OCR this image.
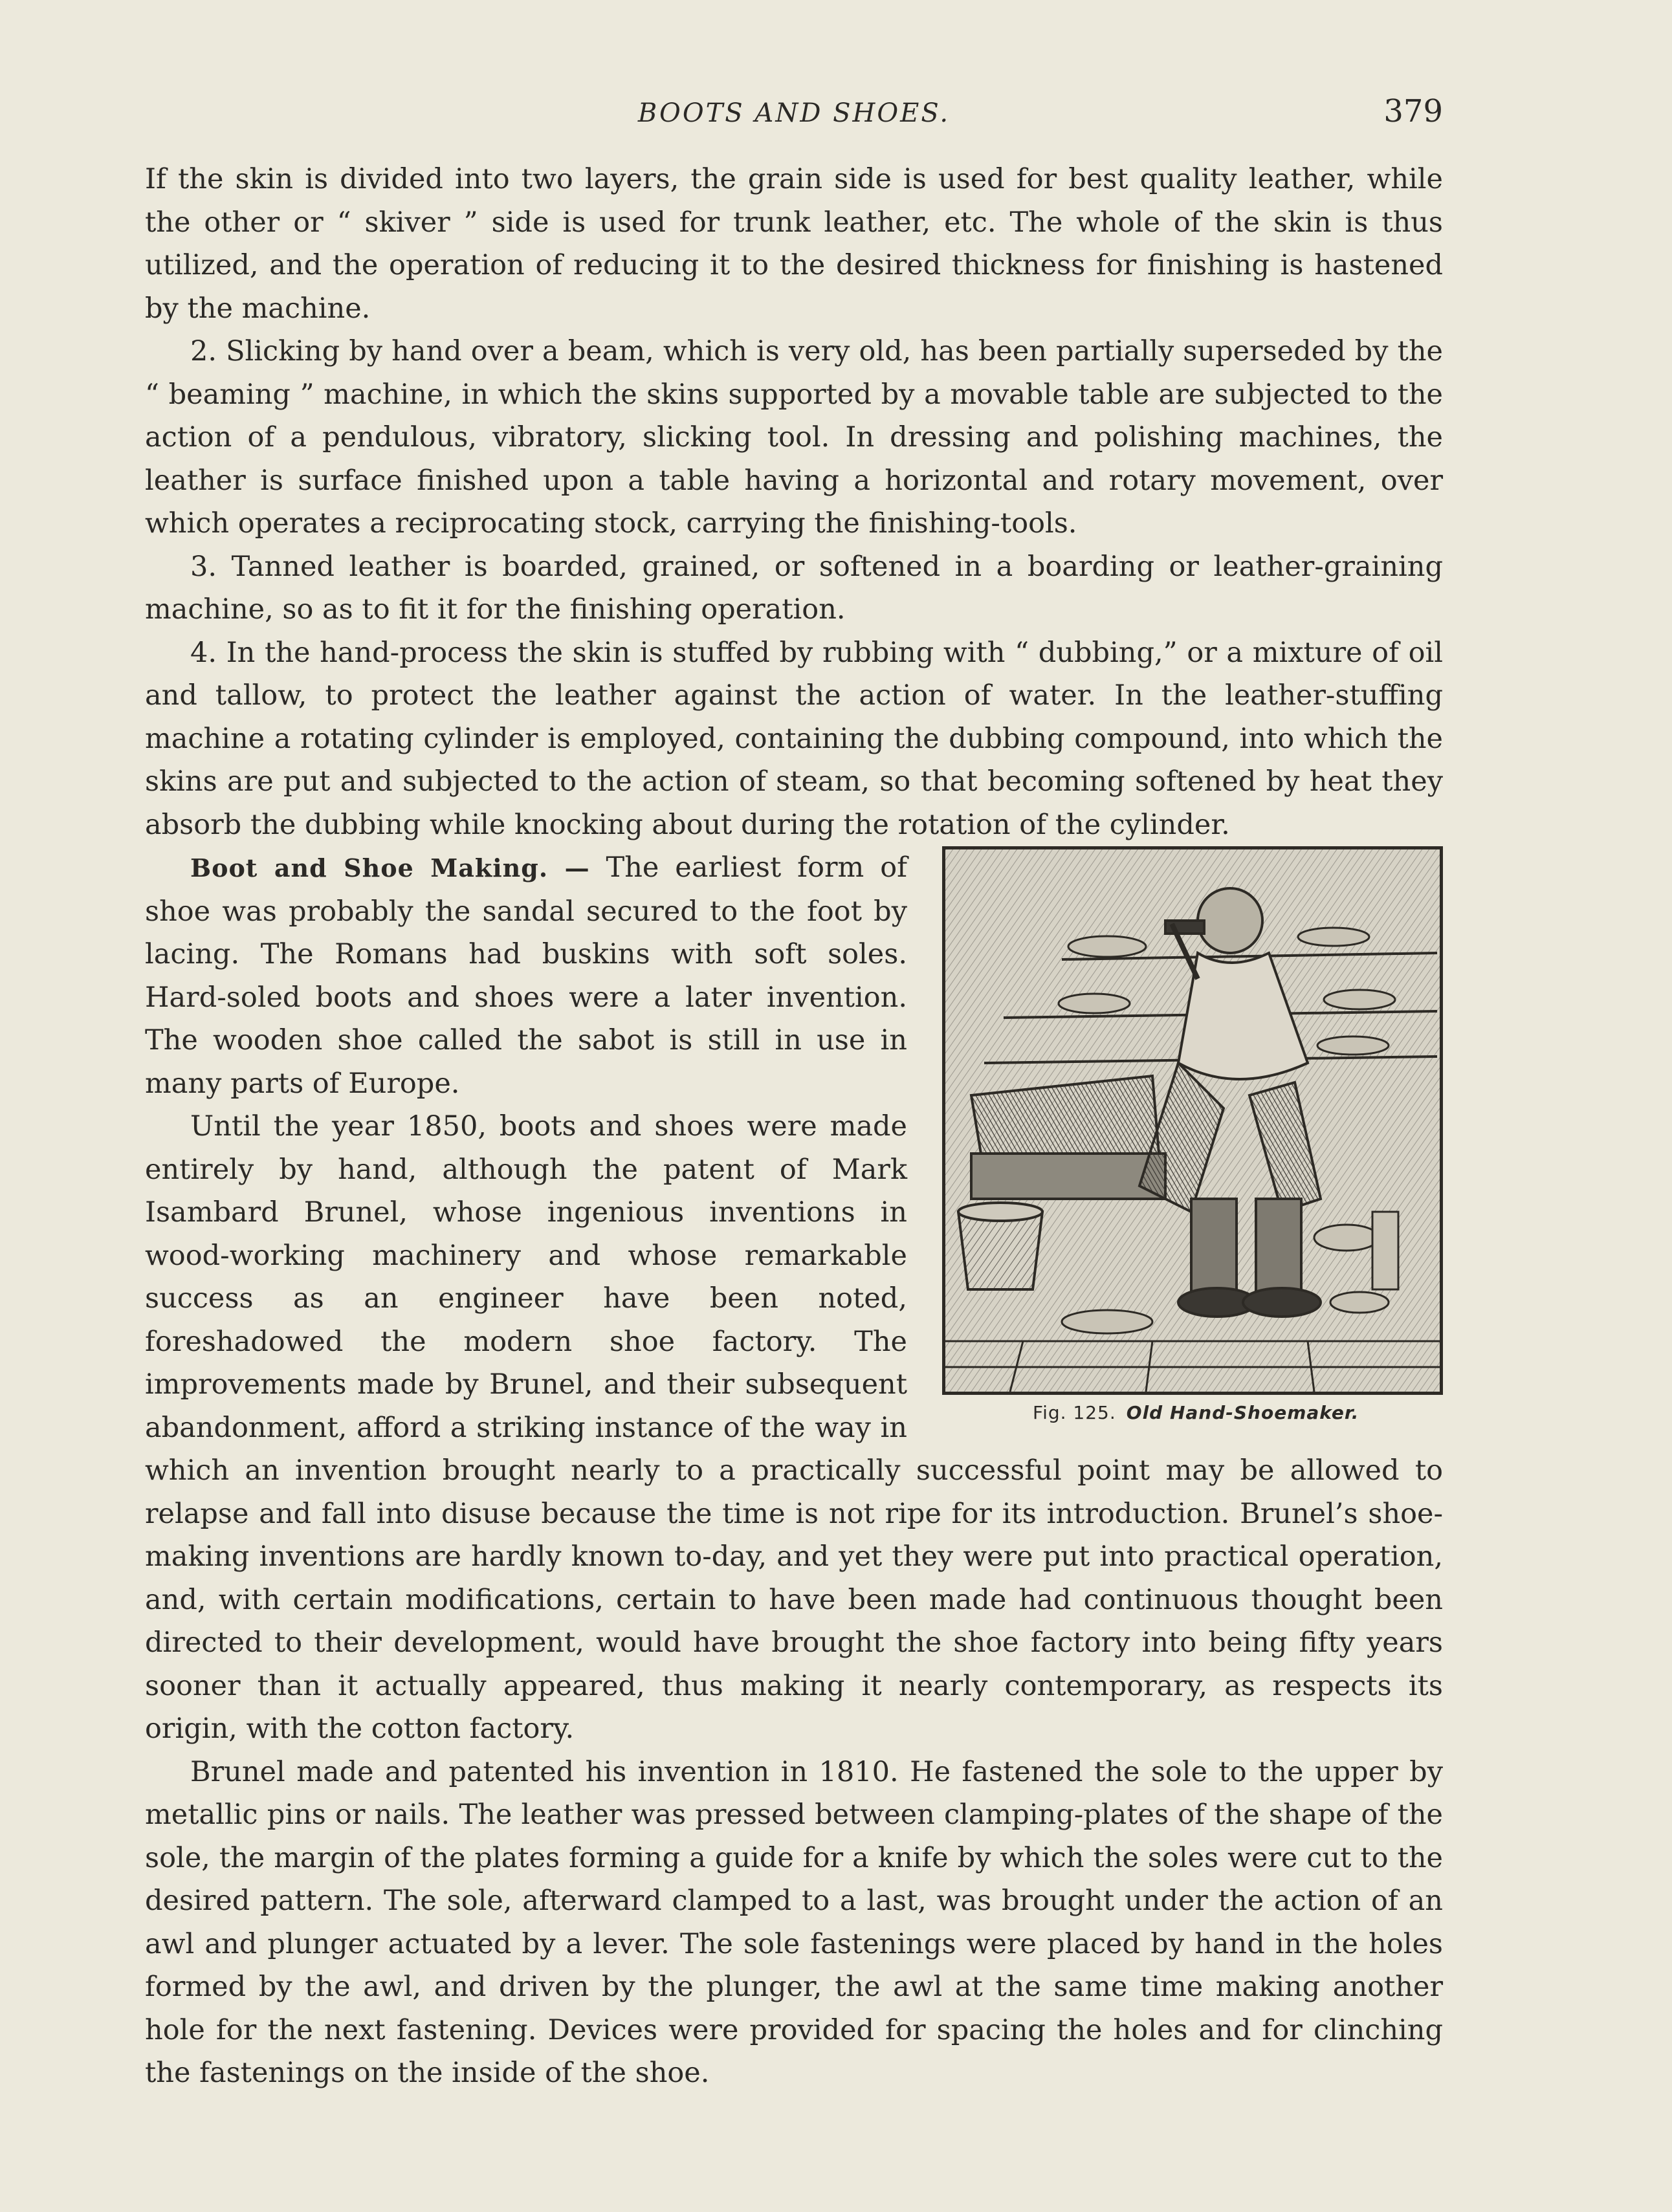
BOOTS AND SHOES.	379

If the skin is divided into two layers, the grain side is used for best quality leather, while the other or “ skiver ” side is used for trunk leather, etc. The whole of the skin is thus utilized, and the operation of reducing it to the desired thickness for finishing is hastened by the machine.

2. Slicking by hand over a beam, which is very old, has been partially superseded by the “ beaming ” machine, in which the skins supported by a movable table are subjected to the action of a pendulous, vibratory, slicking tool. In dressing and polishing machines, the leather is surface finished upon a table having a horizontal and rotary movement, over which operates a reciprocating stock, carrying the finishing-tools.

3. Tanned leather is boarded, grained, or softened in a boarding or leather-graining machine, so as to fit it for the finishing operation.

4. In the hand-process the skin is stuffed by rubbing with “ dubbing,” or a mixture of oil and tallow, to protect the leather against the action of water. In the leather-stuffing machine a rotating cylinder is employed, containing the dubbing compound, into which the skins are put and subjected to the action of steam, so that becoming softened by heat they absorb the dubbing while knocking about during the rotation of the cylinder.

Fig. 125. Old Hand-Shoemaker.

Boot and Shoe Making. — The earliest form of shoe was probably the sandal secured to the foot by lacing. The Romans had buskins with soft soles. Hard-soled boots and shoes were a later invention. The wooden shoe called the sabot is still in use in many parts of Europe.

Until the year 1850, boots and shoes were made entirely by hand, although the patent of Mark Isambard Brunel, whose ingenious inventions in wood-working machinery and whose remarkable success as an engineer have been noted, foreshadowed the modern shoe factory. The improvements made by Brunel, and their subsequent abandonment, afford a striking instance of the way in which an invention brought nearly to a practically successful point may be allowed to relapse and fall into disuse because the time is not ripe for its introduction. Brunel’s shoe-making inventions are hardly known to-day, and yet they were put into practical operation, and, with certain modifications, certain to have been made had continuous thought been directed to their development, would have brought the shoe factory into being fifty years sooner than it actually appeared, thus making it nearly contemporary, as respects its origin, with the cotton factory.

Brunel made and patented his invention in 1810. He fastened the sole to the upper by metallic pins or nails. The leather was pressed between clamping-plates of the shape of the sole, the margin of the plates forming a guide for a knife by which the soles were cut to the desired pattern. The sole, afterward clamped to a last, was brought under the action of an awl and plunger actuated by a lever. The sole fastenings were placed by hand in the holes formed by the awl, and driven by the plunger, the awl at the same time making another hole for the next fastening. Devices were provided for spacing the holes and for clinching the fastenings on the inside of the shoe.
